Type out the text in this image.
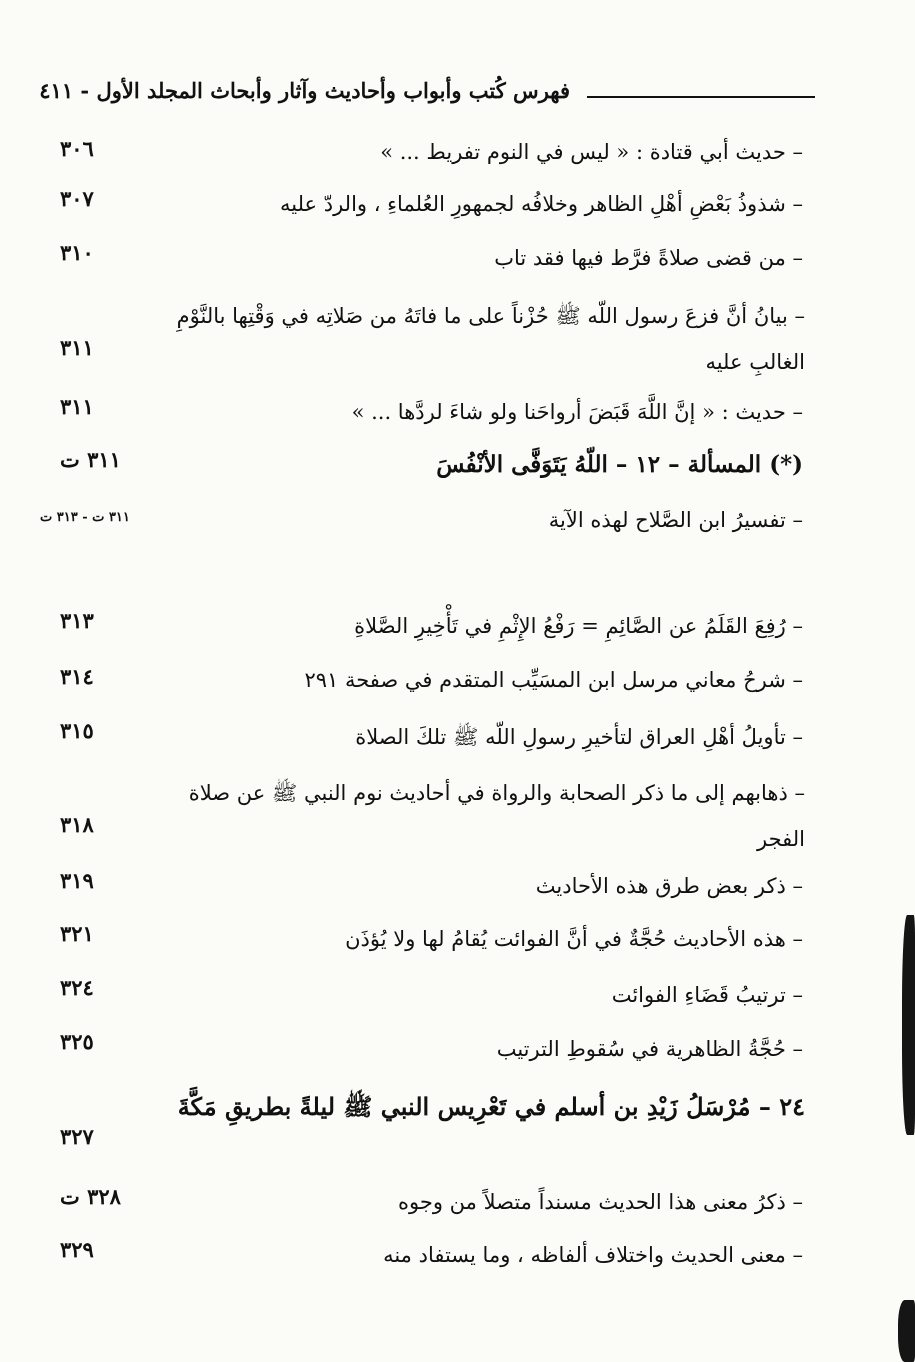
فهرس كُتب وأبواب وأحاديث وآثار وأبحاث المجلد الأول - ٤١١
– حديث أبي قتادة : « ليس في النوم تفريط ... »
٣٠٦
– شذوذُ بَعْضِ أهْلِ الظاهر وخلافُه لجمهورِ العُلماءِ ، والردّ عليه
٣٠٧
– من قضى صلاةً فرَّط فيها فقد تاب
٣١٠
– بيانُ أنَّ فزعَ رسول اللّه ﷺ حُزْناً على ما فاتَهُ من صَلاتِه في وَقْتِها بالنَّوْمِ الغالبِ عليه
٣١١
– حديث : « إنَّ اللَّهَ قَبَضَ أرواحَنا ولو شاءَ لردَّها ... »
٣١١
(*) المسألة – ١٢ – اللّهُ يَتَوَفَّى الأنْفُسَ
٣١١ ت
– تفسيرُ ابن الصَّلاح لهذه الآية
٣١١ ت - ٣١٣ ت
– رُفِعَ القَلَمُ عن الصَّائِمِ = رَفْعُ الإِثْمِ في تَأْخِيرِ الصَّلاةِ
٣١٣
– شرحُ معاني مرسل ابن المسَيِّب المتقدم في صفحة ٢٩١
٣١٤
– تأويلُ أهْلِ العراق لتأخيرِ رسولِ اللّه ﷺ تلكَ الصلاة
٣١٥
– ذهابهم إلى ما ذكر الصحابة والرواة في أحاديث نوم النبي ﷺ عن صلاة الفجر
٣١٨
– ذكر بعض طرق هذه الأحاديث
٣١٩
– هذه الأحاديث حُجَّةٌ في أنَّ الفوائت يُقامُ لها ولا يُؤذَن
٣٢١
– ترتيبُ قَضَاءِ الفوائت
٣٢٤
– حُجَّةُ الظاهرية في سُقوطِ الترتيب
٣٢٥
٢٤ – مُرْسَلُ زَيْدِ بن أسلم في تَعْرِيس النبي ﷺ ليلةً بطريقِ مَكَّةَ
٣٢٧
– ذكرُ معنى هذا الحديث مسنداً متصلاً من وجوه
٣٢٨ ت
– معنى الحديث واختلاف ألفاظه ، وما يستفاد منه
٣٢٩
